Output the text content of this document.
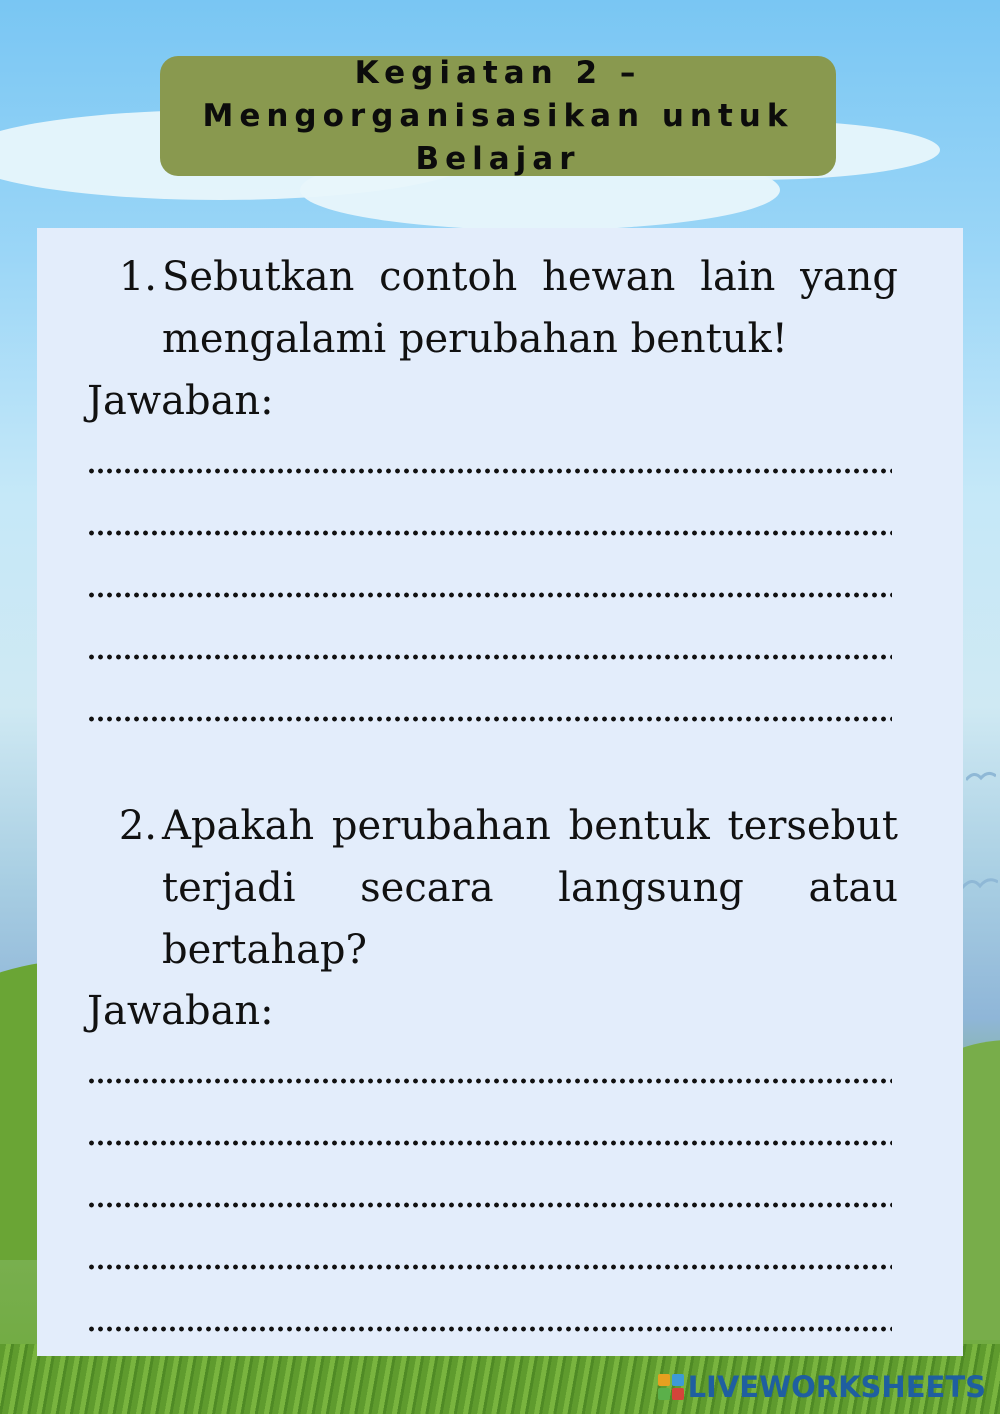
Kegiatan 2 – Mengorganisasikan untuk Belajar
1. Sebutkan contoh hewan lain yang mengalami perubahan bentuk!
Jawaban:
2. Apakah perubahan bentuk tersebut terjadi secara langsung atau bertahap?
Jawaban:
LIVEWORKSHEETS
